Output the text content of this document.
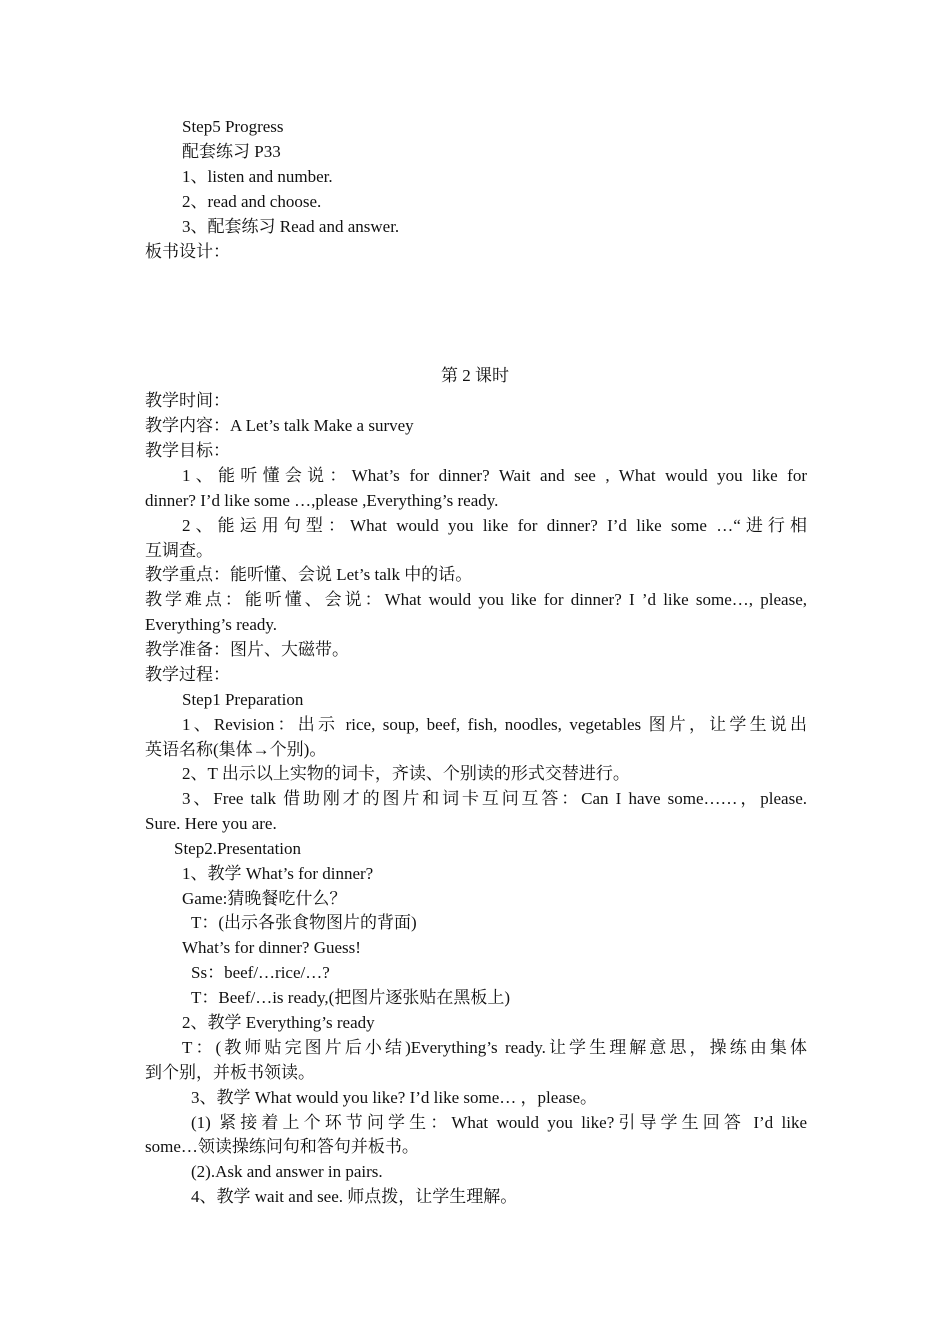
Step5 Progress
配套练习 P33
1、listen and number.
2、read and choose.
3、配套练习 Read and answer.
板书设计：
第 2 课时
教学时间：
教学内容：A Let’s talk Make a survey
教学目标：
1、能听懂会说：What’s for dinner? Wait and see , What would you like for
dinner? I’d like some …,please ,Everything’s ready.
2、能运用句型：What would you like for dinner? I’d like some …“进行相
互调查。
教学重点：能听懂、会说 Let’s talk 中的话。
教学难点：能听懂、会说：What would you like for dinner? I ’d like some…, please,
Everything’s ready.
教学准备：图片、大磁带。
教学过程：
Step1 Preparation
1、Revision：出示 rice, soup, beef, fish, noodles, vegetables 图片，让学生说出
英语名称(集体→个别)。
2、T 出示以上实物的词卡，齐读、个别读的形式交替进行。
3、Free talk 借助刚才的图片和词卡互问互答：Can I have some……，please.
Sure. Here you are.
Step2.Presentation
1、教学 What’s for dinner?
Game:猜晚餐吃什么？
T：(出示各张食物图片的背面)
What’s for dinner? Guess!
Ss：beef/…rice/…?
T：Beef/…is ready,(把图片逐张贴在黑板上)
2、教学 Everything’s ready
T：(教师贴完图片后小结)Everything’s ready.让学生理解意思，操练由集体
到个别，并板书领读。
3、教学 What would you like? I’d like some… ，please。
(1) 紧接着上个环节问学生：What would you like?引导学生回答 I’d like
some…领读操练问句和答句并板书。
(2).Ask and answer in pairs.
4、教学 wait and see. 师点拨，让学生理解。
